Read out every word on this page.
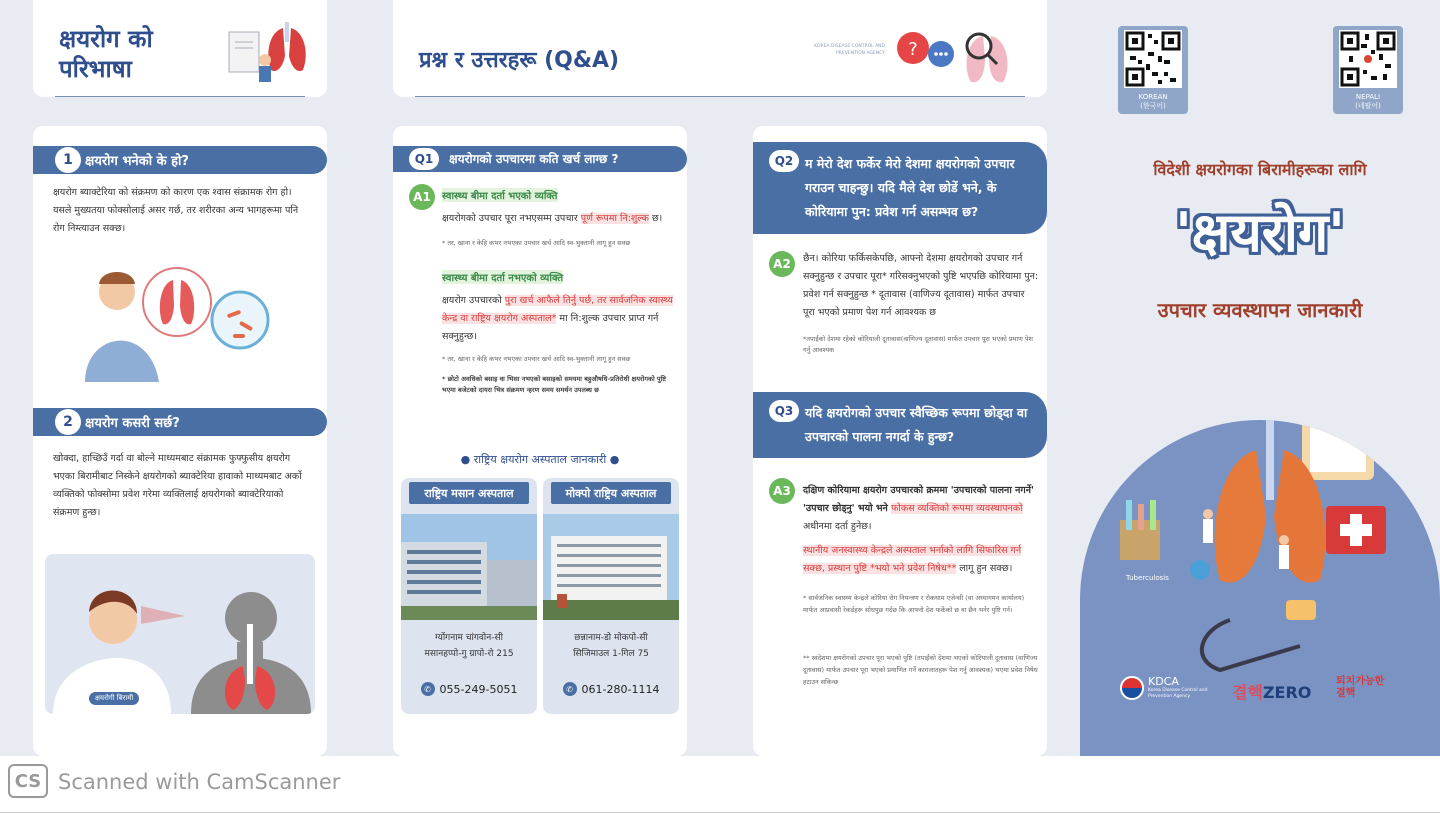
क्षयरोग को
परिभाषा
1 क्षयरोग भनेको के हो?
क्षयरोग ब्याक्टेरिया को संक्रमण को कारण एक श्वास संक्रामक रोग हो। यसले मुख्यतया फोक्सोलाई असर गर्छ, तर शरीरका अन्य भागहरूमा पनि रोग निम्त्याउन सक्छ।
2 क्षयरोग कसरी सर्छ?
खोक्दा, हाच्छिउँ गर्दा वा बोल्ने माध्यमबाट संक्रामक फुफ्फुसीय क्षयरोग भएका बिरामीबाट निस्केने क्षयरोगको ब्याक्टेरिया हावाको माध्यमबाट अर्को व्यक्तिको फोक्सोमा प्रवेश गरेमा व्यक्तिलाई क्षयरोगको ब्याक्टेरियाको संक्रमण हुन्छ।
क्षयरोगी बिरामी
प्रश्न र उत्तरहरू (Q&A)
KOREA DISEASE CONTROL AND
PREVENTION AGENCY ?
Q1	क्षयरोगको उपचारमा कति खर्च लाग्छ ?
A1	स्वास्थ्य बीमा दर्ता भएको व्यक्ति
क्षयरोगको उपचार पूरा नभएसम्म उपचार पूर्ण रूपमा नि:शुल्क छ।
* तर, खाना र केहि कभर नभएका उपचार खर्च आदि स्व-भुक्तानी लागू हुन सक्छ
स्वास्थ्य बीमा दर्ता नभएको व्यक्ति
क्षयरोग उपचारको पुरा खर्च आफैले तिर्नु पर्छ, तर सार्वजनिक स्वास्थ्य केन्द्र वा राष्ट्रिय क्षयरोग अस्पताल* मा नि:शुल्क उपचार प्राप्त गर्न सक्नुहुन्छ।
* तर, खाना र केहि कभर नभएका उपचार खर्च आदि स्व-भुक्तानी लागू हुन सक्छ
* छोटो अवधिको बसाइ वा भिसा नभएको बसाइको समयमा बहुऔषधि-प्रतिरोधी क्षयरोगको पुष्टि भएमा बजेटको दायरा भित्र संक्रमण न्हरण समय समर्थन उपलब्ध छ
● राष्ट्रिय क्षयरोग अस्पताल जानकारी ●
राष्ट्रिय मसान अस्पताल
ग्योंगनाम चांगवोन-सी
मसानहप्पो-गु ग्रापो-रो 215
✆ 055-249-5051
मोक्पो राष्ट्रिय अस्पताल
छन्नानाम-डो मोकपो-सी
सिजिमाउल 1-गिल 75
✆ 061-280-1114
Q2 म मेरो देश फर्केर मेरो देशमा क्षयरोगको उपचार गराउन चाहन्छु। यदि मैले देश छोडें भने, के कोरियामा पुन: प्रवेश गर्न असम्भव छ?
A2	छैन। कोरिया फर्किसकेपछि, आफ्नो देशमा क्षयरोगको उपचार गर्न सक्नुहुन्छ र उपचार पूरा* गरिसक्नुभएको पुष्टि भएपछि कोरियामा पुन: प्रवेश गर्न सक्नुहुन्छ * दूतावास (वाणिज्य दूतावास) मार्फत उपचार पूरा भएको प्रमाण पेश गर्न आवश्यक छ
*तपाईंको देशमा रहेको कोरियाली दूतावास(वाणिज्य दूतावास) मार्फत उपचार पूरा भएको प्रमाण पेश गर्नु आवश्यक
Q3 यदि क्षयरोगको उपचार स्वैच्छिक रूपमा छोड्दा वा उपचारको पालना नगर्दा के हुन्छ?
A3	दक्षिण कोरियामा क्षयरोग उपचारको क्रममा 'उपचारको पालना नगर्ने' 'उपचार छोड्नु' भयो भने फोकस व्यक्तिको रूपमा व्यवस्थापनको अधीनमा दर्ता हुनेछ।
स्थानीय जनस्वास्थ्य केन्द्रले अस्पताल भर्नाको लागि सिफारिस गर्न सक्छ, प्रस्थान पुष्टि *भयो भने प्रवेश निषेध** लागू हुन सक्छ।
* सार्वजनिक स्वास्थ्य केन्द्रले कोरिया रोग नियन्त्रण र रोकथाम एजेन्सी (वा अध्यागमन कार्यालय) मार्फत आप्रवासी रेकर्डहरू सोधपुछ गर्दछ कि आफ्नो देश फर्केको छ वा छैन भनेर पुष्टि गर्न।
** स्वदेशमा क्षयरोगको उपचार पूरा भएको पुष्टि (तपाईंको देशमा भएको कोरियाली दूतावास (वाणिज्य दूतावास) मार्फत उपचार पूरा भएको प्रमाणित गर्ने कागजातहरू पेश गर्नु आवश्यक) भएमा प्रवेश निषेध हटाउन सकिन्छ
KOREAN
(한국어)
NEPALI
(네팔어)
विदेशी क्षयरोगका बिरामीहरूका लागि
'क्षयरोग'
उपचार व्यवस्थापन जानकारी
Tuberculosis
KDCA
Korea Disease Control and
Prevention Agency	결핵ZERO
퇴치가능한
결핵
CS Scanned with CamScanner
